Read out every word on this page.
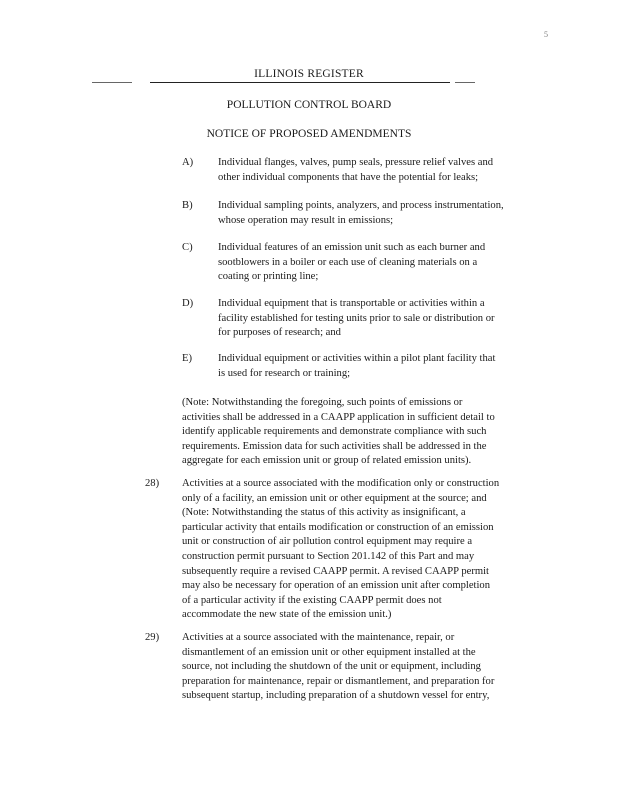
5
ILLINOIS REGISTER
POLLUTION CONTROL BOARD
NOTICE OF PROPOSED AMENDMENTS
A) Individual flanges, valves, pump seals, pressure relief valves and
other individual components that have the potential for leaks;
B) Individual sampling points, analyzers, and process instrumentation,
whose operation may result in emissions;
C) Individual features of an emission unit such as each burner and
sootblowers in a boiler or each use of cleaning materials on a
coating or printing line;
D) Individual equipment that is transportable or activities within a
facility established for testing units prior to sale or distribution or
for purposes of research; and
E) Individual equipment or activities within a pilot plant facility that
is used for research or training;
(Note: Notwithstanding the foregoing, such points of emissions or
activities shall be addressed in a CAAPP application in sufficient detail to
identify applicable requirements and demonstrate compliance with such
requirements. Emission data for such activities shall be addressed in the
aggregate for each emission unit or group of related emission units).
28) Activities at a source associated with the modification only or construction
only of a facility, an emission unit or other equipment at the source; and
(Note: Notwithstanding the status of this activity as insignificant, a
particular activity that entails modification or construction of an emission
unit or construction of air pollution control equipment may require a
construction permit pursuant to Section 201.142 of this Part and may
subsequently require a revised CAAPP permit. A revised CAAPP permit
may also be necessary for operation of an emission unit after completion
of a particular activity if the existing CAAPP permit does not
accommodate the new state of the emission unit.)
29) Activities at a source associated with the maintenance, repair, or
dismantlement of an emission unit or other equipment installed at the
source, not including the shutdown of the unit or equipment, including
preparation for maintenance, repair or dismantlement, and preparation for
subsequent startup, including preparation of a shutdown vessel for entry,
